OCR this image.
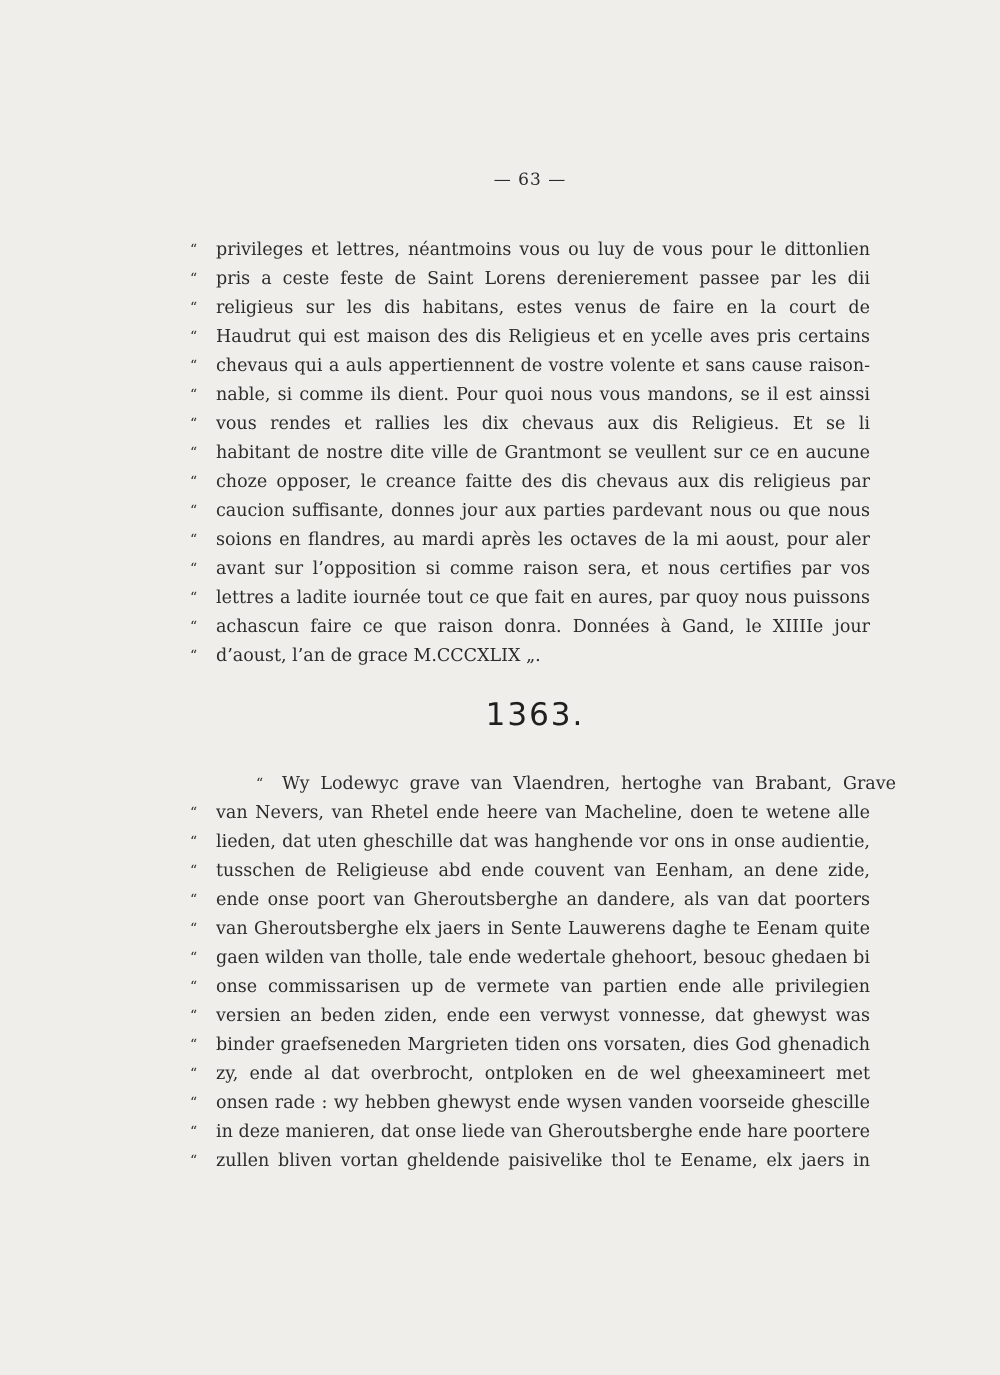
— 63 —
“ privileges et lettres, néantmoins vous ou luy de vous pour le dittonlien
“ pris a ceste feste de Saint Lorens derenierement passee par les dii
“ religieus sur les dis habitans, estes venus de faire en la court de
“ Haudrut qui est maison des dis Religieus et en ycelle aves pris certains
“ chevaus qui a auls appertiennent de vostre volente et sans cause raison-
“ nable, si comme ils dient. Pour quoi nous vous mandons, se il est ainssi
“ vous rendes et rallies les dix chevaus aux dis Religieus. Et se li
“ habitant de nostre dite ville de Grantmont se veullent sur ce en aucune
“ choze opposer, le creance faitte des dis chevaus aux dis religieus par
“ caucion suffisante, donnes jour aux parties pardevant nous ou que nous
“ soions en flandres, au mardi après les octaves de la mi aoust, pour aler
“ avant sur l’opposition si comme raison sera, et nous certifies par vos
“ lettres a ladite iournée tout ce que fait en aures, par quoy nous puissons
“ achascun faire ce que raison donra. Données à Gand, le XIIIIe jour
“ d’aoust, l’an de grace M.CCCXLIX „.
1363.
“ Wy Lodewyc grave van Vlaendren, hertoghe van Brabant, Grave
“ van Nevers, van Rhetel ende heere van Macheline, doen te wetene alle
“ lieden, dat uten gheschille dat was hanghende vor ons in onse audientie,
“ tusschen de Religieuse abd ende couvent van Eenham, an dene zide,
“ ende onse poort van Gheroutsberghe an dandere, als van dat poorters
“ van Gheroutsberghe elx jaers in Sente Lauwerens daghe te Eenam quite
“ gaen wilden van tholle, tale ende wedertale ghehoort, besouc ghedaen bi
“ onse commissarisen up de vermete van partien ende alle privilegien
“ versien an beden ziden, ende een verwyst vonnesse, dat ghewyst was
“ binder graefseneden Margrieten tiden ons vorsaten, dies God ghenadich
“ zy, ende al dat overbrocht, ontploken en de wel gheexamineert met
“ onsen rade : wy hebben ghewyst ende wysen vanden voorseide ghescille
“ in deze manieren, dat onse liede van Gheroutsberghe ende hare poortere
“ zullen bliven vortan gheldende paisivelike thol te Eename, elx jaers in
